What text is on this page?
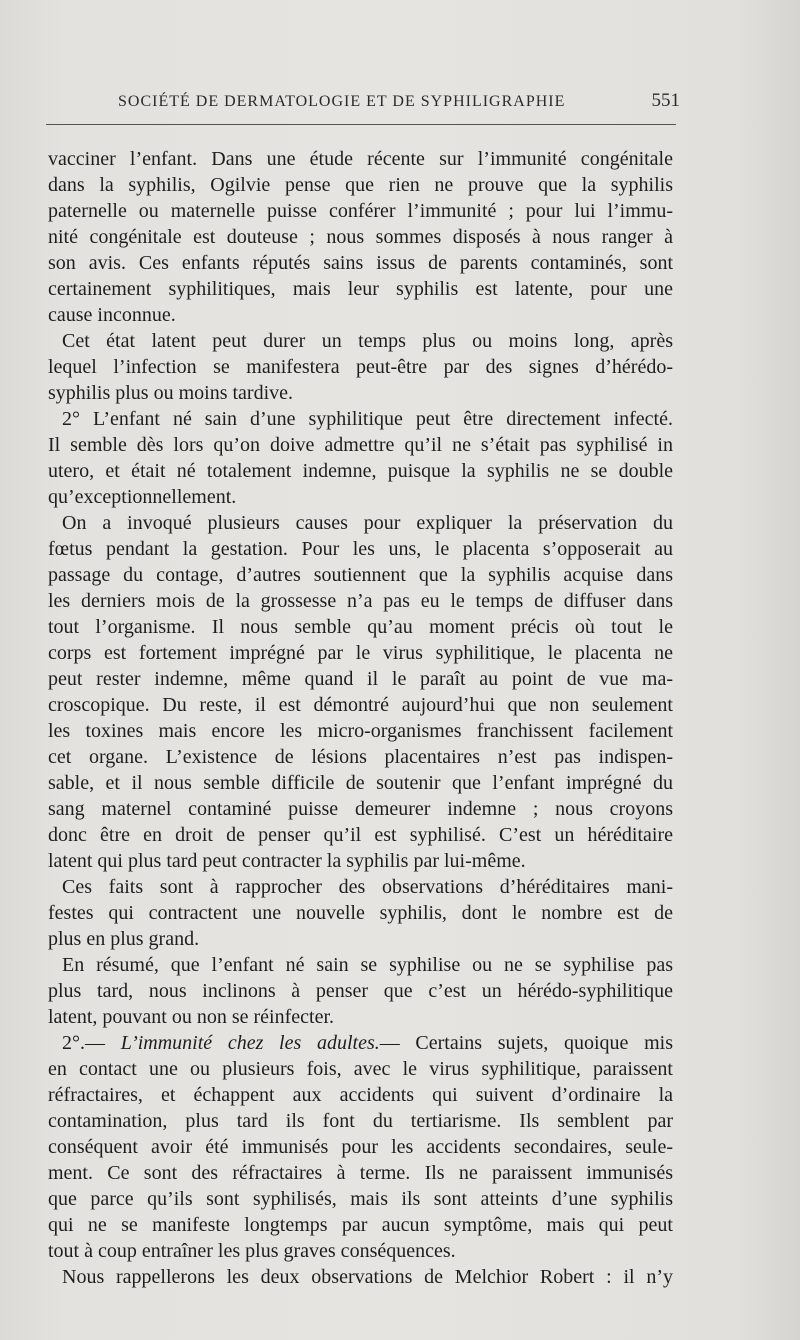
SOCIÉTÉ DE DERMATOLOGIE ET DE SYPHILIGRAPHIE	551

vacciner l’enfant. Dans une étude récente sur l’immunité congénitale
dans la syphilis, Ogilvie pense que rien ne prouve que la syphilis
paternelle ou maternelle puisse conférer l’immunité ; pour lui l’immu-
nité congénitale est douteuse ; nous sommes disposés à nous ranger à
son avis. Ces enfants réputés sains issus de parents contaminés, sont
certainement syphilitiques, mais leur syphilis est latente, pour une
cause inconnue.

Cet état latent peut durer un temps plus ou moins long, après
lequel l’infection se manifestera peut-être par des signes d’hérédo-
syphilis plus ou moins tardive.

2° L’enfant né sain d’une syphilitique peut être directement infecté.
Il semble dès lors qu’on doive admettre qu’il ne s’était pas syphilisé in
utero, et était né totalement indemne, puisque la syphilis ne se double
qu’exceptionnellement.

On a invoqué plusieurs causes pour expliquer la préservation du
fœtus pendant la gestation. Pour les uns, le placenta s’opposerait au
passage du contage, d’autres soutiennent que la syphilis acquise dans
les derniers mois de la grossesse n’a pas eu le temps de diffuser dans
tout l’organisme. Il nous semble qu’au moment précis où tout le
corps est fortement imprégné par le virus syphilitique, le placenta ne
peut rester indemne, même quand il le paraît au point de vue ma-
croscopique. Du reste, il est démontré aujourd’hui que non seulement
les toxines mais encore les micro-organismes franchissent facilement
cet organe. L’existence de lésions placentaires n’est pas indispen-
sable, et il nous semble difficile de soutenir que l’enfant imprégné du
sang maternel contaminé puisse demeurer indemne ; nous croyons
donc être en droit de penser qu’il est syphilisé. C’est un héréditaire
latent qui plus tard peut contracter la syphilis par lui-même.

Ces faits sont à rapprocher des observations d’héréditaires mani-
festes qui contractent une nouvelle syphilis, dont le nombre est de
plus en plus grand.

En résumé, que l’enfant né sain se syphilise ou ne se syphilise pas
plus tard, nous inclinons à penser que c’est un hérédo-syphilitique
latent, pouvant ou non se réinfecter.

2°.— L’immunité chez les adultes.— Certains sujets, quoique mis
en contact une ou plusieurs fois, avec le virus syphilitique, paraissent
réfractaires, et échappent aux accidents qui suivent d’ordinaire la
contamination, plus tard ils font du tertiarisme. Ils semblent par
conséquent avoir été immunisés pour les accidents secondaires, seule-
ment. Ce sont des réfractaires à terme. Ils ne paraissent immunisés
que parce qu’ils sont syphilisés, mais ils sont atteints d’une syphilis
qui ne se manifeste longtemps par aucun symptôme, mais qui peut
tout à coup entraîner les plus graves conséquences.

Nous rappellerons les deux observations de Melchior Robert : il n’y
